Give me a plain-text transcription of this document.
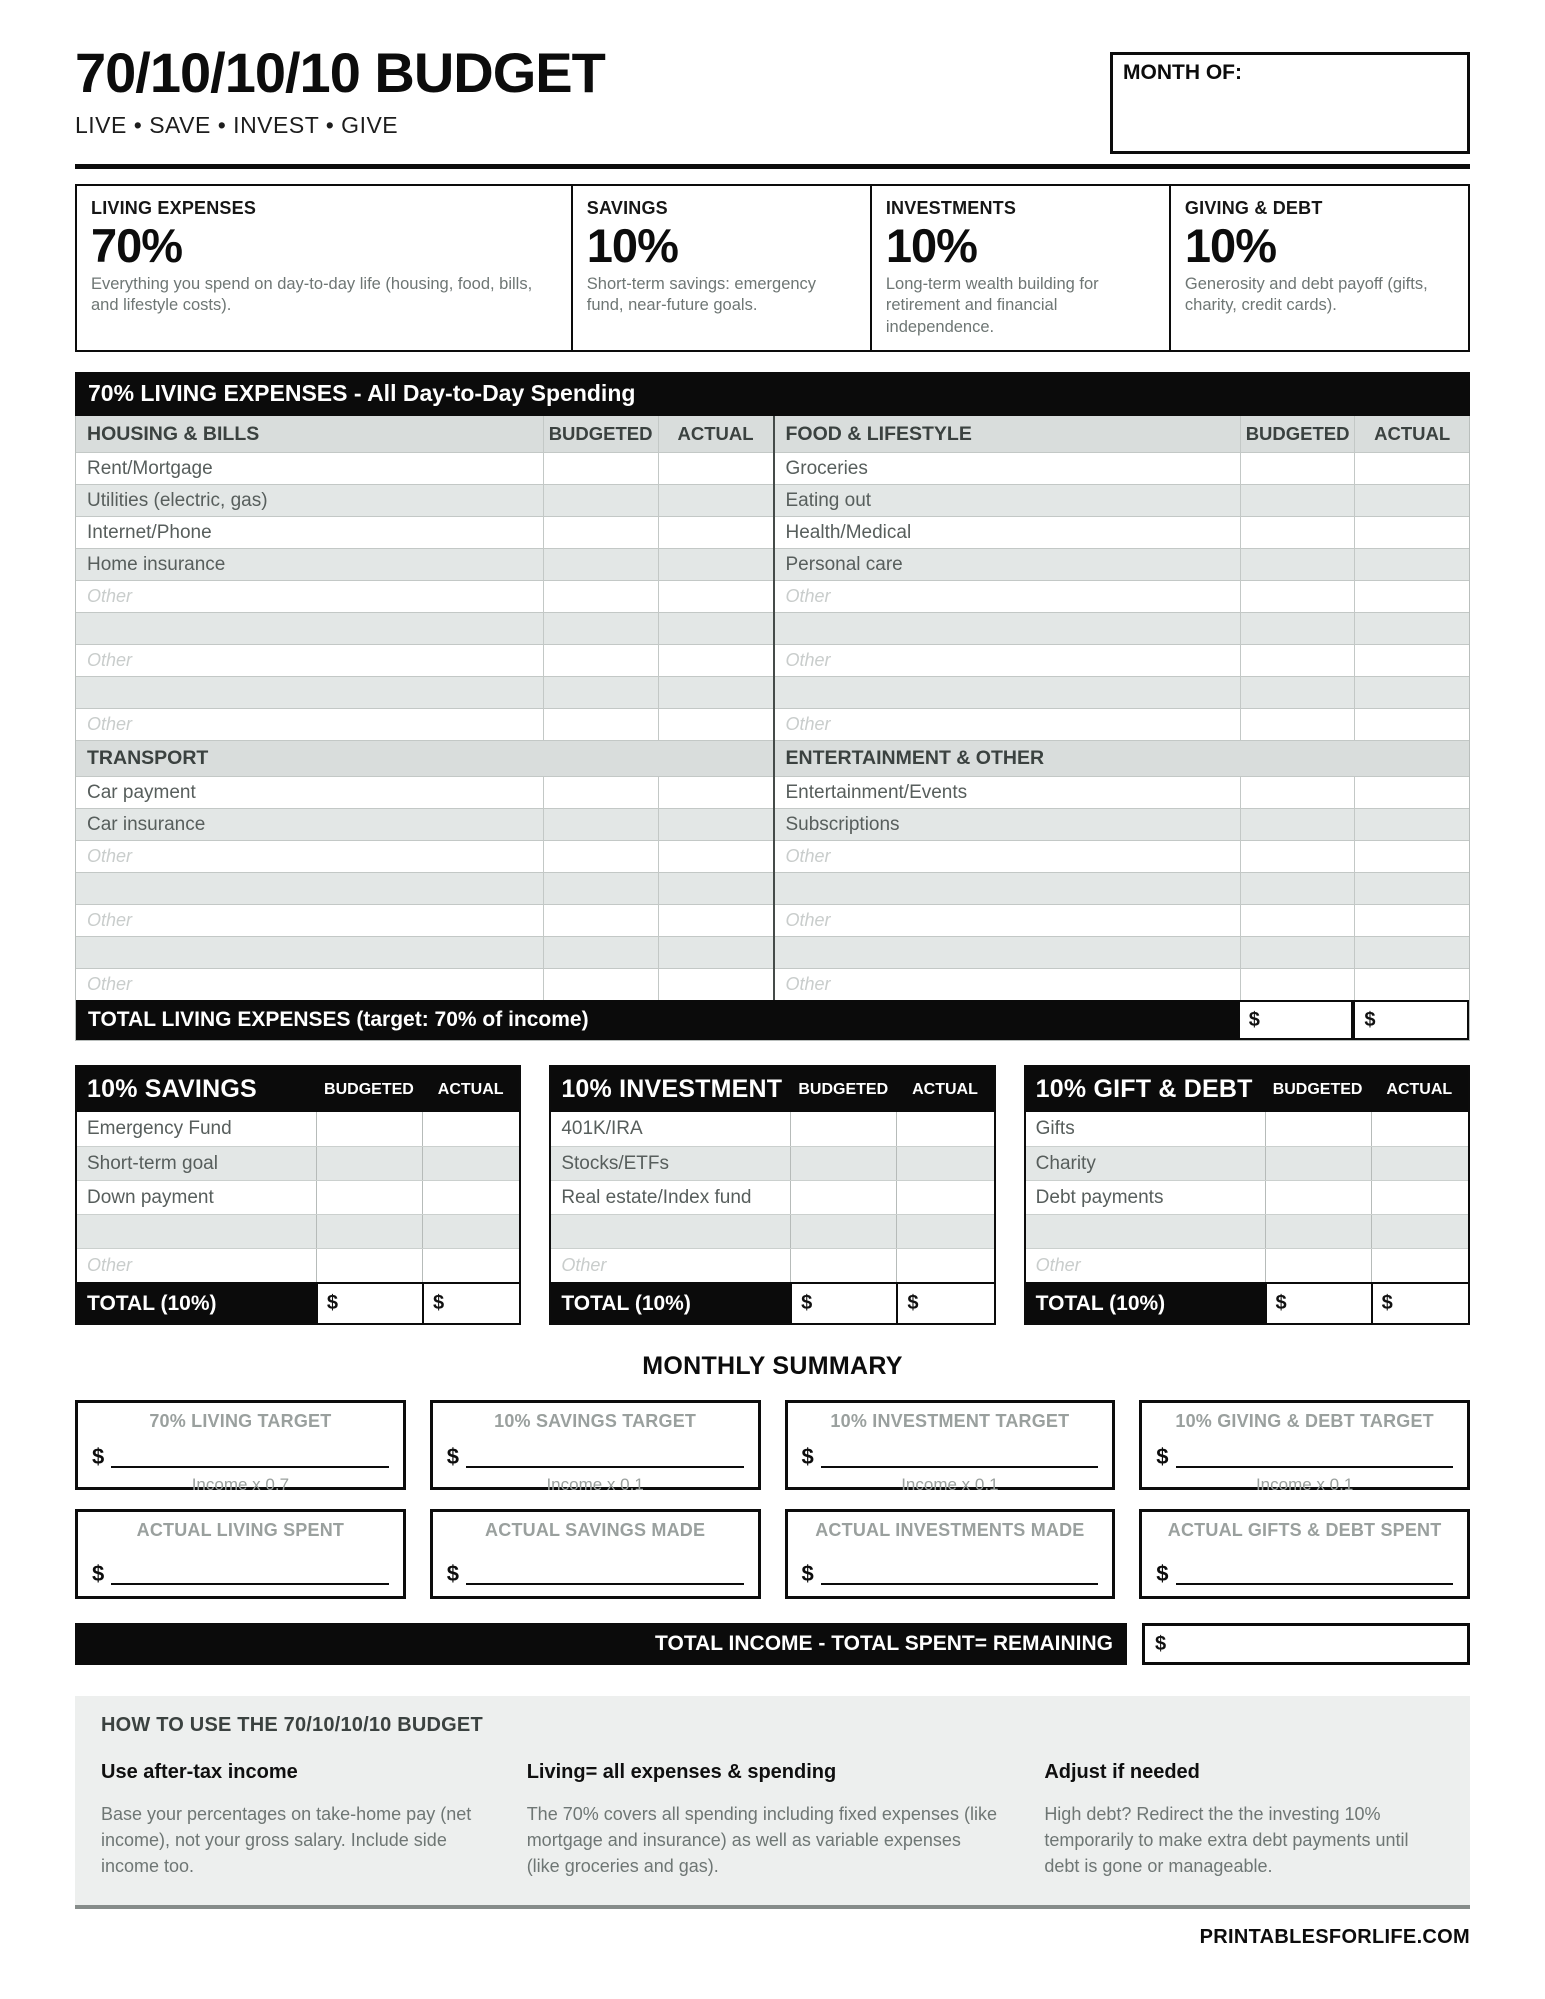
70/10/10/10 BUDGET
LIVE • SAVE • INVEST • GIVE
MONTH OF:
LIVING EXPENSES
70%
Everything you spend on day-to-day life (housing, food, bills, and lifestyle costs).
SAVINGS
10%
Short-term savings: emergency fund, near-future goals.
INVESTMENTS
10%
Long-term wealth building for retirement and financial independence.
GIVING & DEBT
10%
Generosity and debt payoff (gifts, charity, credit cards).
70% LIVING EXPENSES - All Day-to-Day Spending
HOUSING & BILLS	BUDGETED	ACTUAL
Rent/Mortgage
Utilities (electric, gas)
Internet/Phone
Home insurance
Other
Other
Other
TRANSPORT
Car payment
Car insurance
Other
Other
Other
FOOD & LIFESTYLE	BUDGETED	ACTUAL
Groceries
Eating out
Health/Medical
Personal care
Other
Other
Other
ENTERTAINMENT & OTHER
Entertainment/Events
Subscriptions
Other
Other
Other
TOTAL LIVING EXPENSES (target: 70% of income)	$	$
10% SAVINGS	BUDGETED	ACTUAL
Emergency Fund
Short-term goal
Down payment
Other
TOTAL (10%)	$	$
10% INVESTMENT	BUDGETED	ACTUAL
401K/IRA
Stocks/ETFs
Real estate/Index fund
Other
TOTAL (10%)	$	$
10% GIFT & DEBT	BUDGETED	ACTUAL
Gifts
Charity
Debt payments
Other
TOTAL (10%)	$	$
MONTHLY SUMMARY
70% LIVING TARGET
$
Income x 0.7
10% SAVINGS TARGET
$
Income x 0.1
10% INVESTMENT TARGET
$
Income x 0.1
10% GIVING & DEBT TARGET
$
Income x 0.1
ACTUAL LIVING SPENT
$
ACTUAL SAVINGS MADE
$
ACTUAL INVESTMENTS MADE
$
ACTUAL GIFTS & DEBT SPENT
$
TOTAL INCOME - TOTAL SPENT= REMAINING	$
HOW TO USE THE 70/10/10/10 BUDGET
Use after-tax income
Base your percentages on take-home pay (net income), not your gross salary. Include side income too.
Living= all expenses & spending
The 70% covers all spending including fixed expenses (like mortgage and insurance) as well as variable expenses (like groceries and gas).
Adjust if needed
High debt? Redirect the the investing 10% temporarily to make extra debt payments until debt is gone or manageable.
PRINTABLESFORLIFE.COM
